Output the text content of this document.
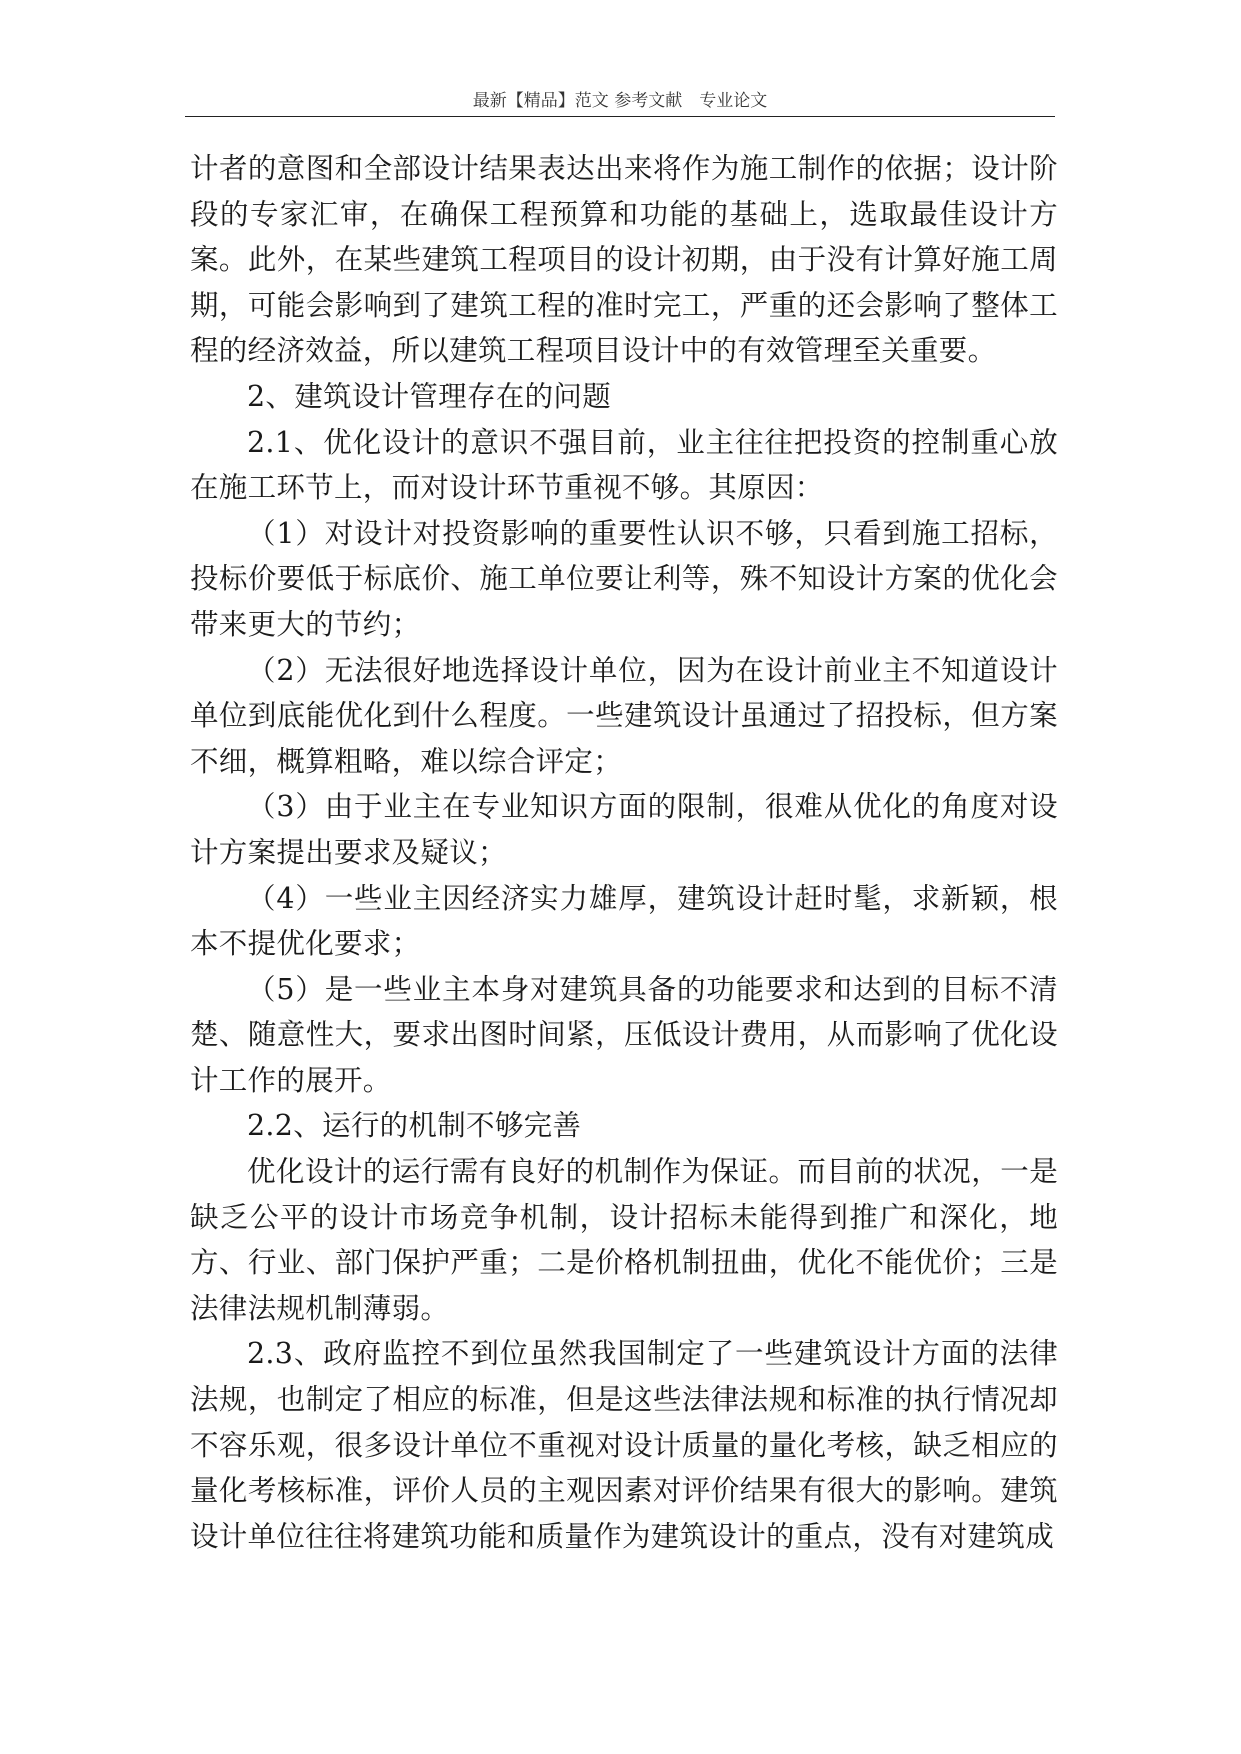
最新【精品】范文 参考文献　专业论文

计者的意图和全部设计结果表达出来将作为施工制作的依据；设计阶段的专家汇审，在确保工程预算和功能的基础上，选取最佳设计方案。此外，在某些建筑工程项目的设计初期，由于没有计算好施工周期，可能会影响到了建筑工程的准时完工，严重的还会影响了整体工程的经济效益，所以建筑工程项目设计中的有效管理至关重要。

2、建筑设计管理存在的问题

2.1、优化设计的意识不强目前，业主往往把投资的控制重心放在施工环节上，而对设计环节重视不够。其原因：

（1）对设计对投资影响的重要性认识不够，只看到施工招标，投标价要低于标底价、施工单位要让利等，殊不知设计方案的优化会带来更大的节约；

（2）无法很好地选择设计单位，因为在设计前业主不知道设计单位到底能优化到什么程度。一些建筑设计虽通过了招投标，但方案不细，概算粗略，难以综合评定；

（3）由于业主在专业知识方面的限制，很难从优化的角度对设计方案提出要求及疑议；

（4）一些业主因经济实力雄厚，建筑设计赶时髦，求新颖，根本不提优化要求；

（5）是一些业主本身对建筑具备的功能要求和达到的目标不清楚、随意性大，要求出图时间紧，压低设计费用，从而影响了优化设计工作的展开。

2.2、运行的机制不够完善

优化设计的运行需有良好的机制作为保证。而目前的状况，一是缺乏公平的设计市场竞争机制，设计招标未能得到推广和深化，地方、行业、部门保护严重；二是价格机制扭曲，优化不能优价；三是法律法规机制薄弱。

2.3、政府监控不到位虽然我国制定了一些建筑设计方面的法律法规，也制定了相应的标准，但是这些法律法规和标准的执行情况却不容乐观，很多设计单位不重视对设计质量的量化考核，缺乏相应的量化考核标准，评价人员的主观因素对评价结果有很大的影响。建筑设计单位往往将建筑功能和质量作为建筑设计的重点，没有对建筑成
